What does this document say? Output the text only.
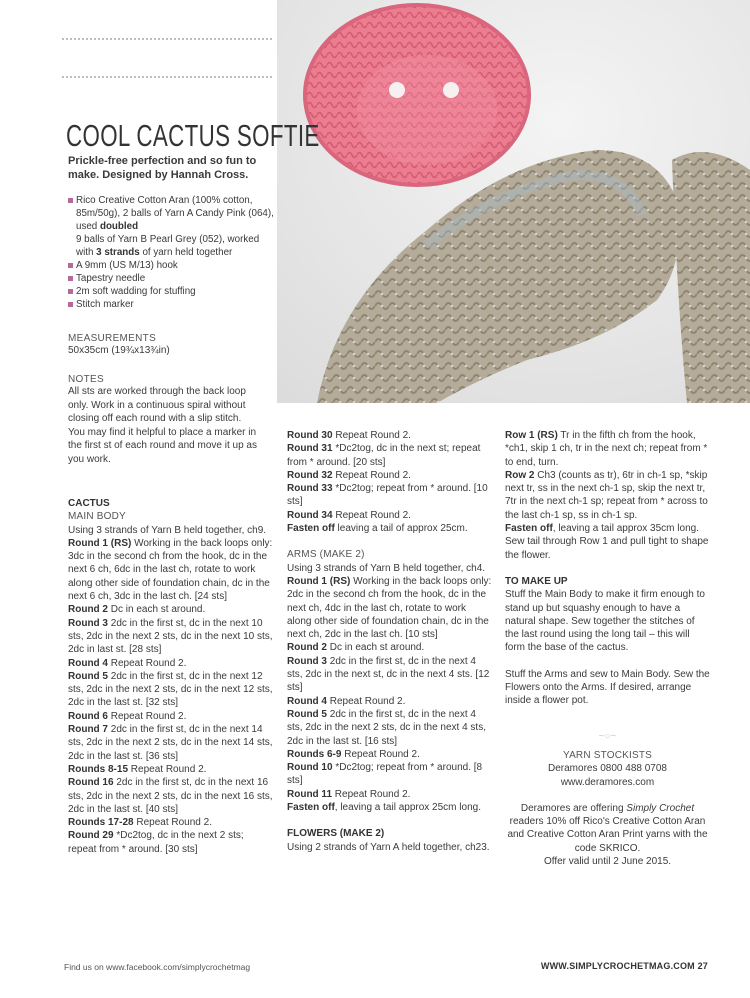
COOL CACTUS SOFTIE
Prickle-free perfection and so fun to make. Designed by Hannah Cross.
Rico Creative Cotton Aran (100% cotton, 85m/50g), 2 balls of Yarn A Candy Pink (064), used doubled
9 balls of Yarn B Pearl Grey (052), worked with 3 strands of yarn held together
A 9mm (US M/13) hook
Tapestry needle
2m soft wadding for stuffing
Stitch marker
MEASUREMENTS
50x35cm (19¾x13¾in)
NOTES
All sts are worked through the back loop only. Work in a continuous spiral without closing off each round with a slip stitch.
You may find it helpful to place a marker in the first st of each round and move it up as you work.

CACTUS

MAIN BODY

Using 3 strands of Yarn B held together, ch9.

Round 1 (RS) Working in the back loops only: 3dc in the second ch from the hook, dc in the next 6 ch, 6dc in the last ch, rotate to work along other side of foundation chain, dc in the next 6 ch, 3dc in the last ch. [24 sts]

Round 2 Dc in each st around.

Round 3 2dc in the first st, dc in the next 10 sts, 2dc in the next 2 sts, dc in the next 10 sts, 2dc in last st. [28 sts]

Round 4 Repeat Round 2.

Round 5 2dc in the first st, dc in the next 12 sts, 2dc in the next 2 sts, dc in the next 12 sts, 2dc in the last st. [32 sts]

Round 6 Repeat Round 2.

Round 7 2dc in the first st, dc in the next 14 sts, 2dc in the next 2 sts, dc in the next 14 sts, 2dc in the last st. [36 sts]

Rounds 8-15 Repeat Round 2.

Round 16 2dc in the first st, dc in the next 16 sts, 2dc in the next 2 sts, dc in the next 16 sts, 2dc in the last st. [40 sts]

Rounds 17-28 Repeat Round 2.

Round 29 *Dc2tog, dc in the next 2 sts; repeat from * around. [30 sts]

Round 30 Repeat Round 2.

Round 31 *Dc2tog, dc in the next st; repeat from * around. [20 sts]

Round 32 Repeat Round 2.

Round 33 *Dc2tog; repeat from * around. [10 sts]

Round 34 Repeat Round 2.

Fasten off leaving a tail of approx 25cm.

ARMS (MAKE 2)

Using 3 strands of Yarn B held together, ch4.

Round 1 (RS) Working in the back loops only: 2dc in the second ch from the hook, dc in the next ch, 4dc in the last ch, rotate to work along other side of foundation chain, dc in the next ch, 2dc in the last ch. [10 sts]

Round 2 Dc in each st around.

Round 3 2dc in the first st, dc in the next 4 sts, 2dc in the next st, dc in the next 4 sts. [12 sts]

Round 4 Repeat Round 2.

Round 5 2dc in the first st, dc in the next 4 sts, 2dc in the next 2 sts, dc in the next 4 sts, 2dc in the last st. [16 sts]

Rounds 6-9 Repeat Round 2.

Round 10 *Dc2tog; repeat from * around. [8 sts]

Round 11 Repeat Round 2.

Fasten off, leaving a tail approx 25cm long.

FLOWERS (MAKE 2)

Using 2 strands of Yarn A held together, ch23.

Row 1 (RS) Tr in the fifth ch from the hook, *ch1, skip 1 ch, tr in the next ch; repeat from * to end, turn.

Row 2 Ch3 (counts as tr), 6tr in ch-1 sp, *skip next tr, ss in the next ch-1 sp, skip the next tr, 7tr in the next ch-1 sp; repeat from * across to the last ch-1 sp, ss in ch-1 sp.

Fasten off, leaving a tail approx 35cm long.

Sew tail through Row 1 and pull tight to shape the flower.

TO MAKE UP

Stuff the Main Body to make it firm enough to stand up but squashy enough to have a natural shape. Sew together the stitches of the last round using the long tail – this will form the base of the cactus.

Stuff the Arms and sew to Main Body. Sew the Flowers onto the Arms. If desired, arrange inside a flower pot.

~○~

YARN STOCKISTS

Deramores 0800 488 0708

www.deramores.com

Deramores are offering Simply Crochet readers 10% off Rico's Creative Cotton Aran and Creative Cotton Aran Print yarns with the code SKRICO.

Offer valid until 2 June 2015.

Find us on www.facebook.com/simplycrochetmag	WWW.SIMPLYCROCHETMAG.COM 27
